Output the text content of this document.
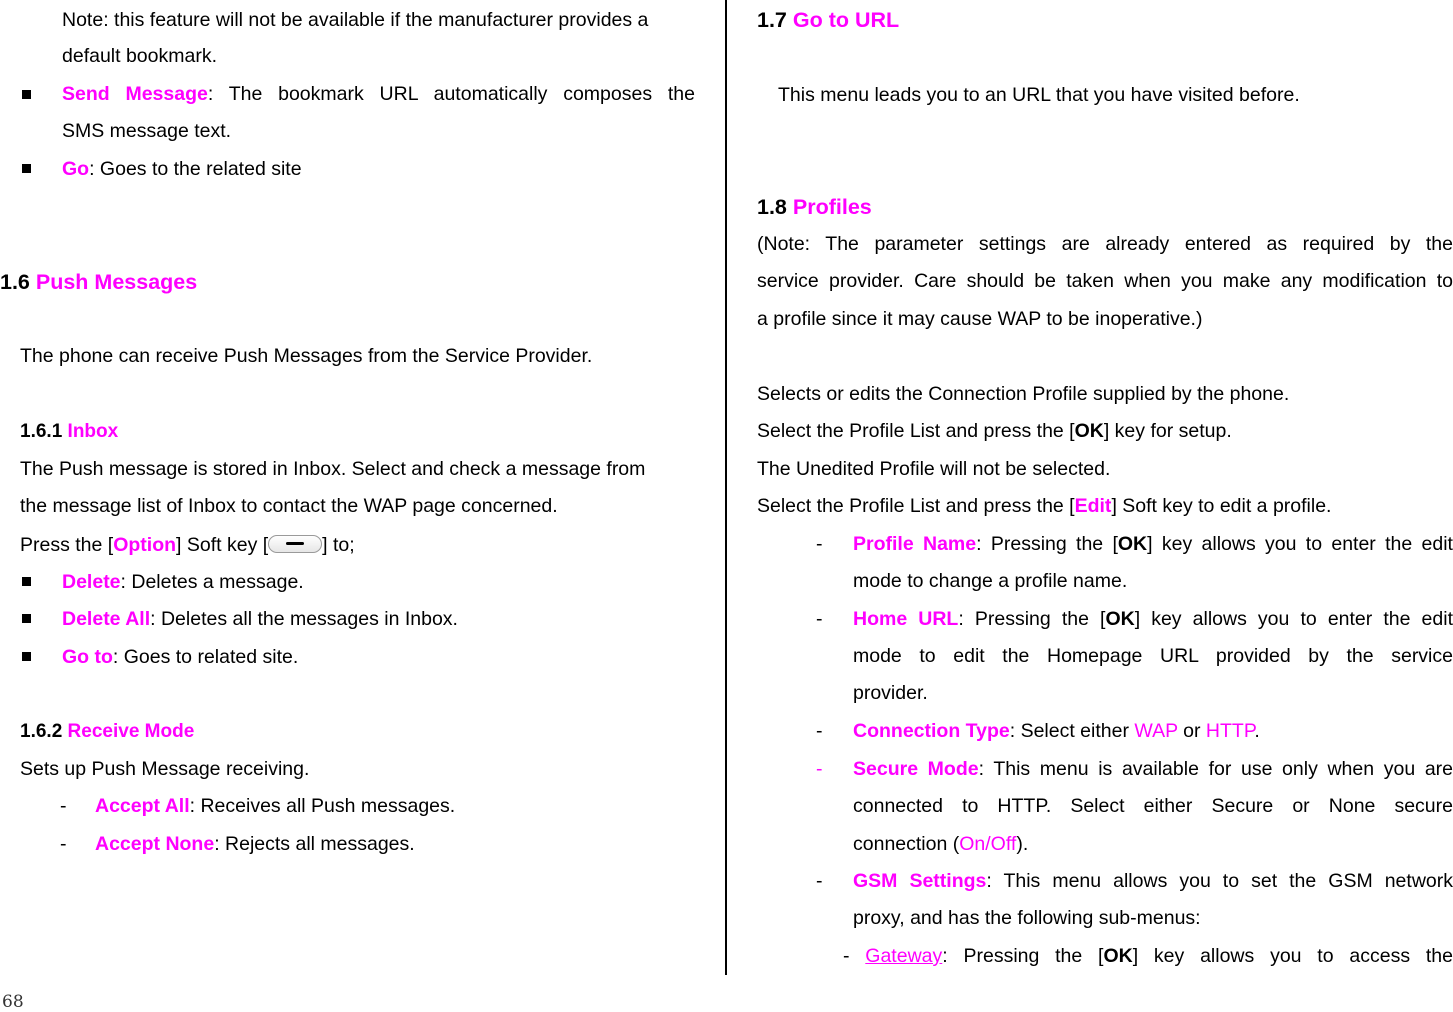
Note: this feature will not be available if the manufacturer provides a
default bookmark.
Send Message: The bookmark URL automatically composes the
SMS message text.
Go: Goes to the related site
1.6 Push Messages
The phone can receive Push Messages from the Service Provider.
1.6.1 Inbox
The Push message is stored in Inbox. Select and check a message from
the message list of Inbox to contact the WAP page concerned.
Press the [Option] Soft key [	] to;
Delete: Deletes a message.
Delete All: Deletes all the messages in Inbox.
Go to: Goes to related site.
1.6.2 Receive Mode
Sets up Push Message receiving.
- Accept All: Receives all Push messages.
- Accept None: Rejects all messages.
1.7 Go to URL
This menu leads you to an URL that you have visited before.
1.8 Profiles
(Note: The parameter settings are already entered as required by the
service provider. Care should be taken when you make any modification to
a profile since it may cause WAP to be inoperative.)
Selects or edits the Connection Profile supplied by the phone.
Select the Profile List and press the [OK] key for setup.
The Unedited Profile will not be selected.
Select the Profile List and press the [Edit] Soft key to edit a profile.
- Profile Name: Pressing the [OK] key allows you to enter the edit
mode to change a profile name.
- Home URL: Pressing the [OK] key allows you to enter the edit
mode to edit the Homepage URL provided by the service
provider.
- Connection Type: Select either WAP or HTTP.
- Secure Mode: This menu is available for use only when you are
connected to HTTP. Select either Secure or None secure
connection (On/Off).
- GSM Settings: This menu allows you to set the GSM network
proxy, and has the following sub-menus:
- Gateway: Pressing the [OK] key allows you to access the
68
